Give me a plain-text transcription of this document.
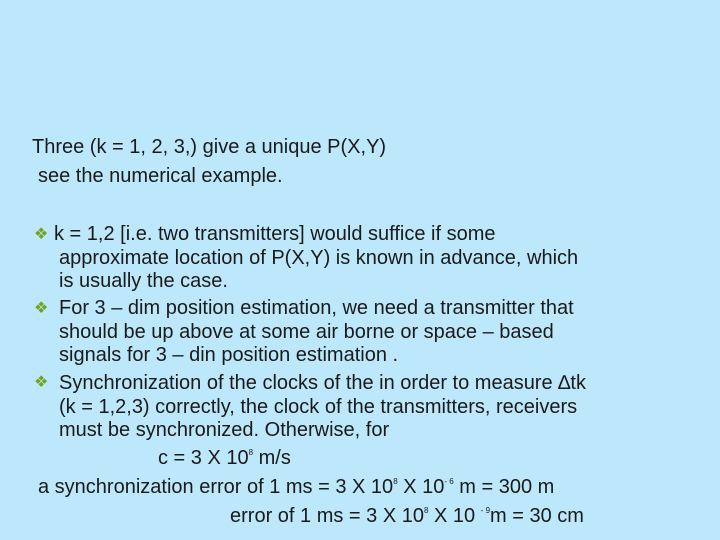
Three (k = 1, 2, 3,) give a unique P(X,Y)
see the numerical example.
❖ k = 1,2 [i.e. two transmitters] would suffice if some
approximate location of P(X,Y) is known in advance, which
is usually the case.
❖ For 3 – dim position estimation, we need a transmitter that
should be up above at some air borne or space – based
signals for 3 – din position estimation .
❖ Synchronization of the clocks of the in order to measure ∆tk
(k = 1,2,3) correctly, the clock of the transmitters, receivers
must be synchronized. Otherwise, for
c = 3 X $10^8$ m/s
a synchronization error of 1 ms = 3 X $10^8$ X $10^{- 6}$ m = 300 m
error of 1 ms = 3 X $10^8$ X 10 $^{- 9}$m = 30 cm
